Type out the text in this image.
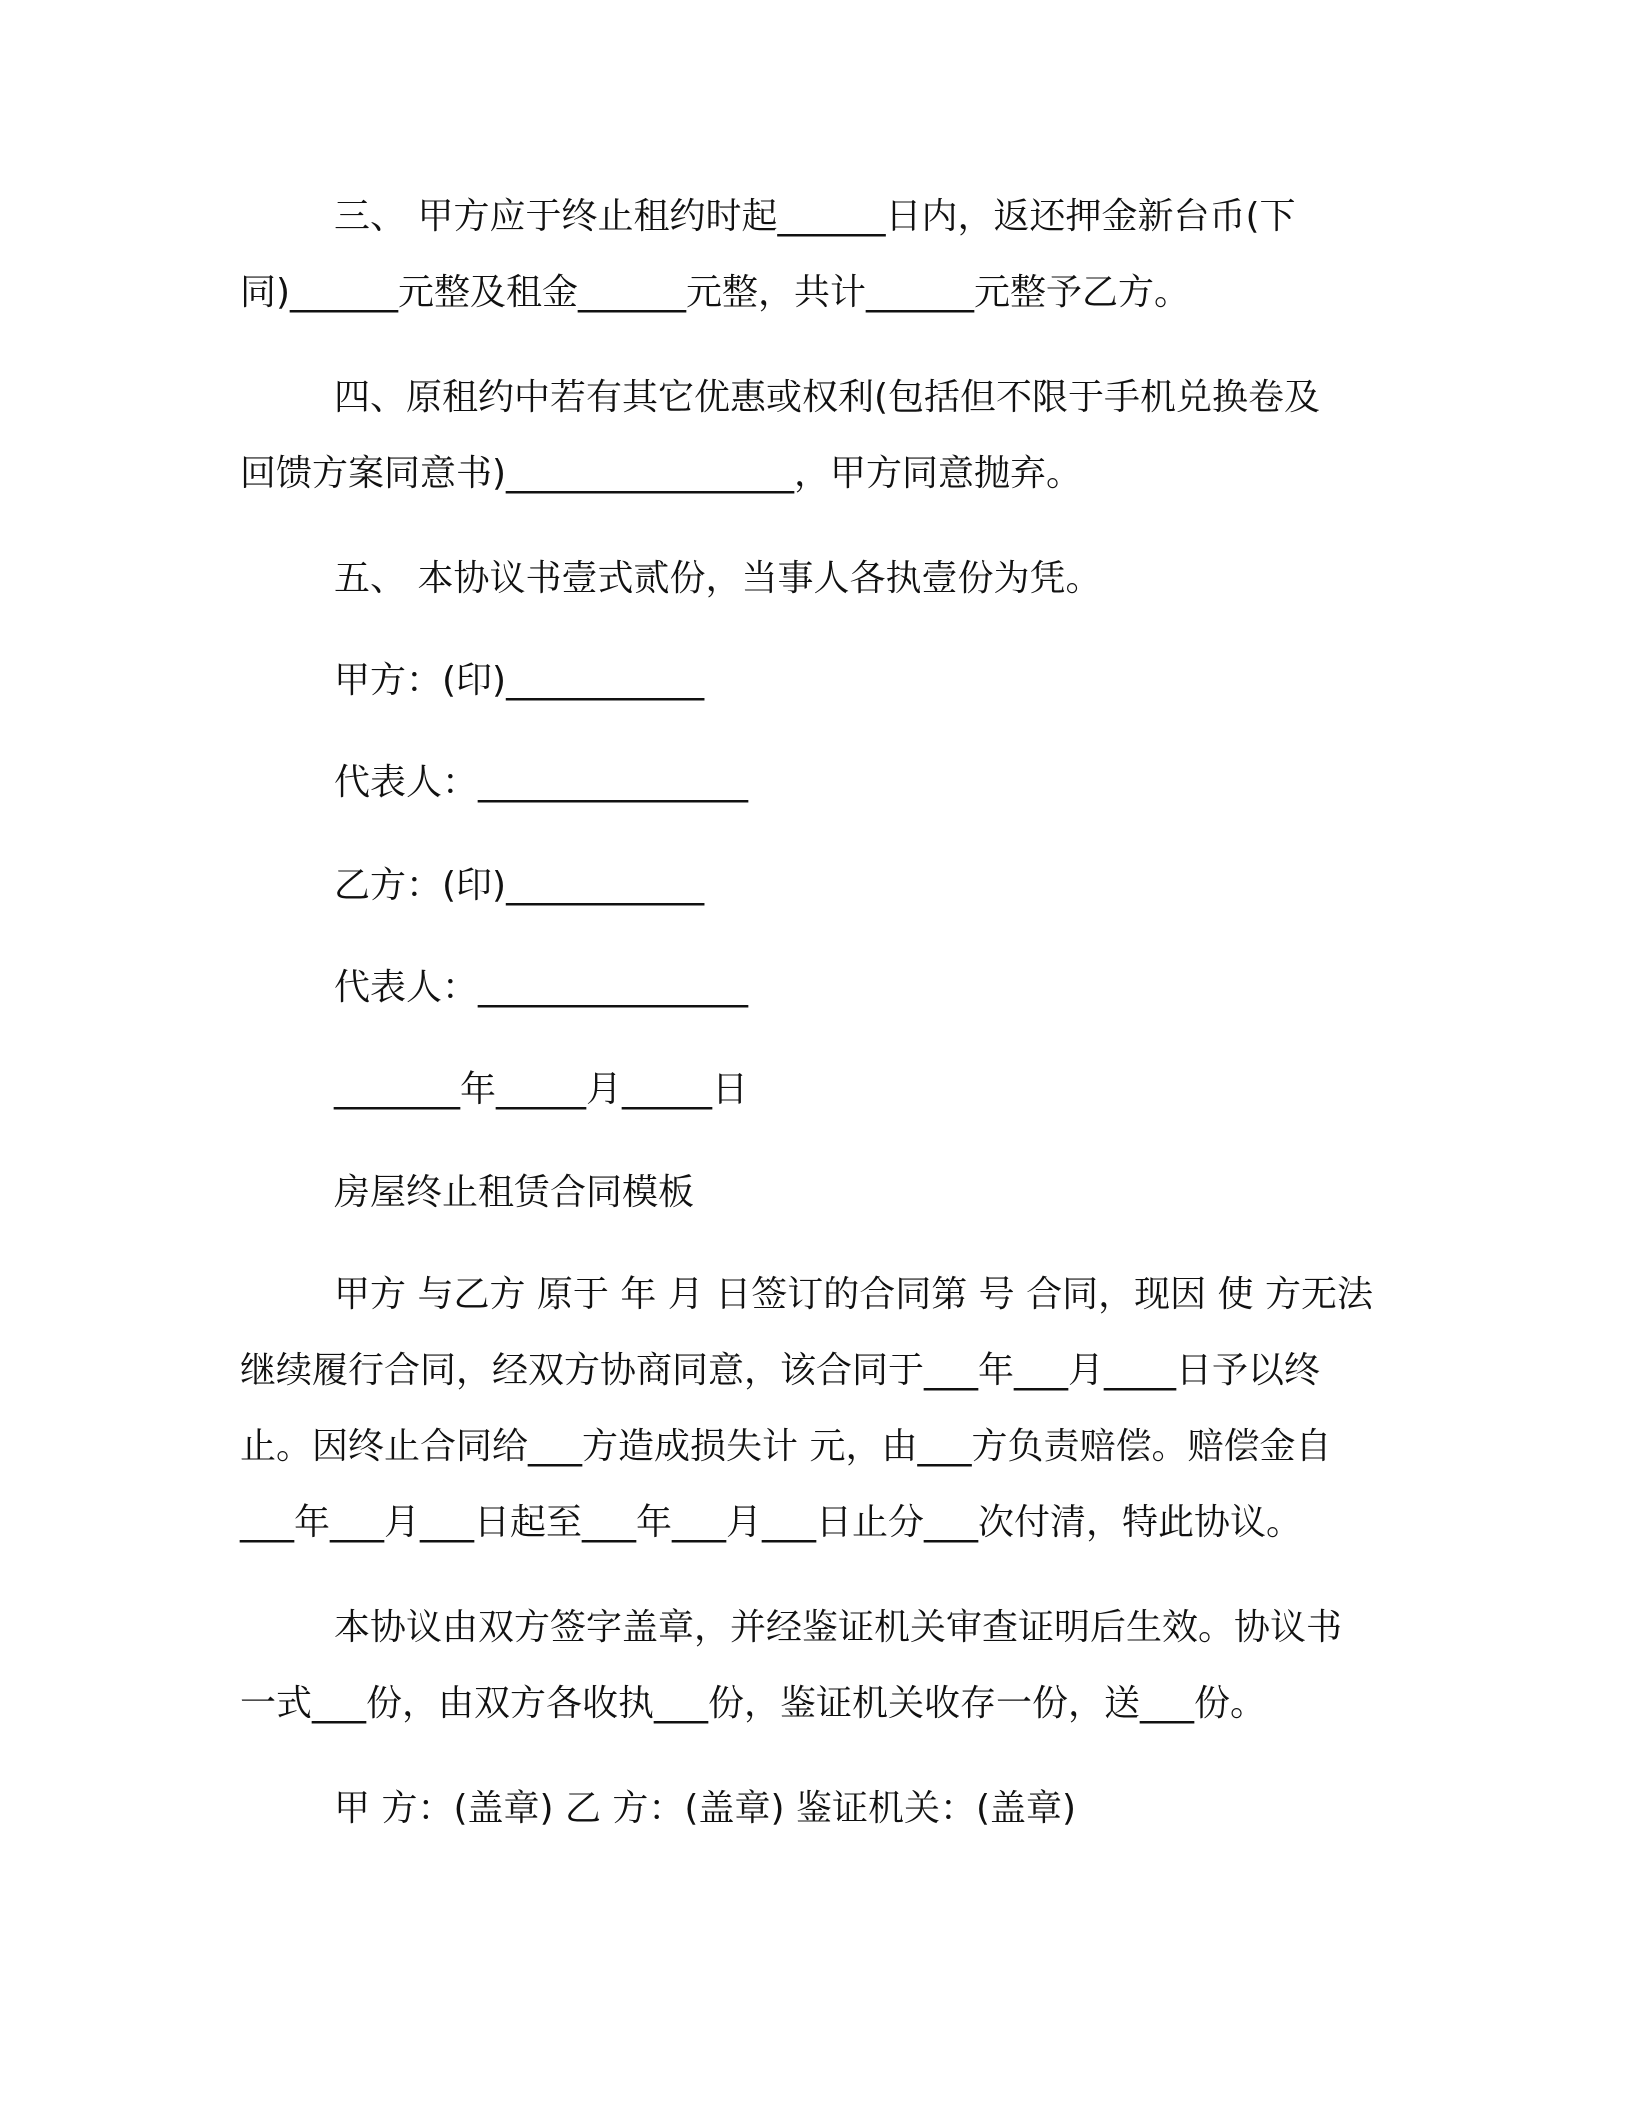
三、 甲方应于终止租约时起______日内，返还押金新台币(下
同)______元整及租金______元整，共计______元整予乙方。
四、原租约中若有其它优惠或权利(包括但不限于手机兑换卷及
回馈方案同意书)________________，甲方同意抛弃。
五、 本协议书壹式贰份，当事人各执壹份为凭。
甲方：(印)___________
代表人：_______________
乙方：(印)___________
代表人：_______________
_______年_____月_____日
房屋终止租赁合同模板
甲方 与乙方 原于 年 月 日签订的合同第 号 合同，现因 使 方无法
继续履行合同，经双方协商同意，该合同于___年___月____日予以终
止。因终止合同给___方造成损失计 元，由___方负责赔偿。赔偿金自
___年___月___日起至___年___月___日止分___次付清，特此协议。
本协议由双方签字盖章，并经鉴证机关审查证明后生效。协议书
一式___份，由双方各收执___份，鉴证机关收存一份，送___份。
甲 方：(盖章) 乙 方：(盖章) 鉴证机关：(盖章)
